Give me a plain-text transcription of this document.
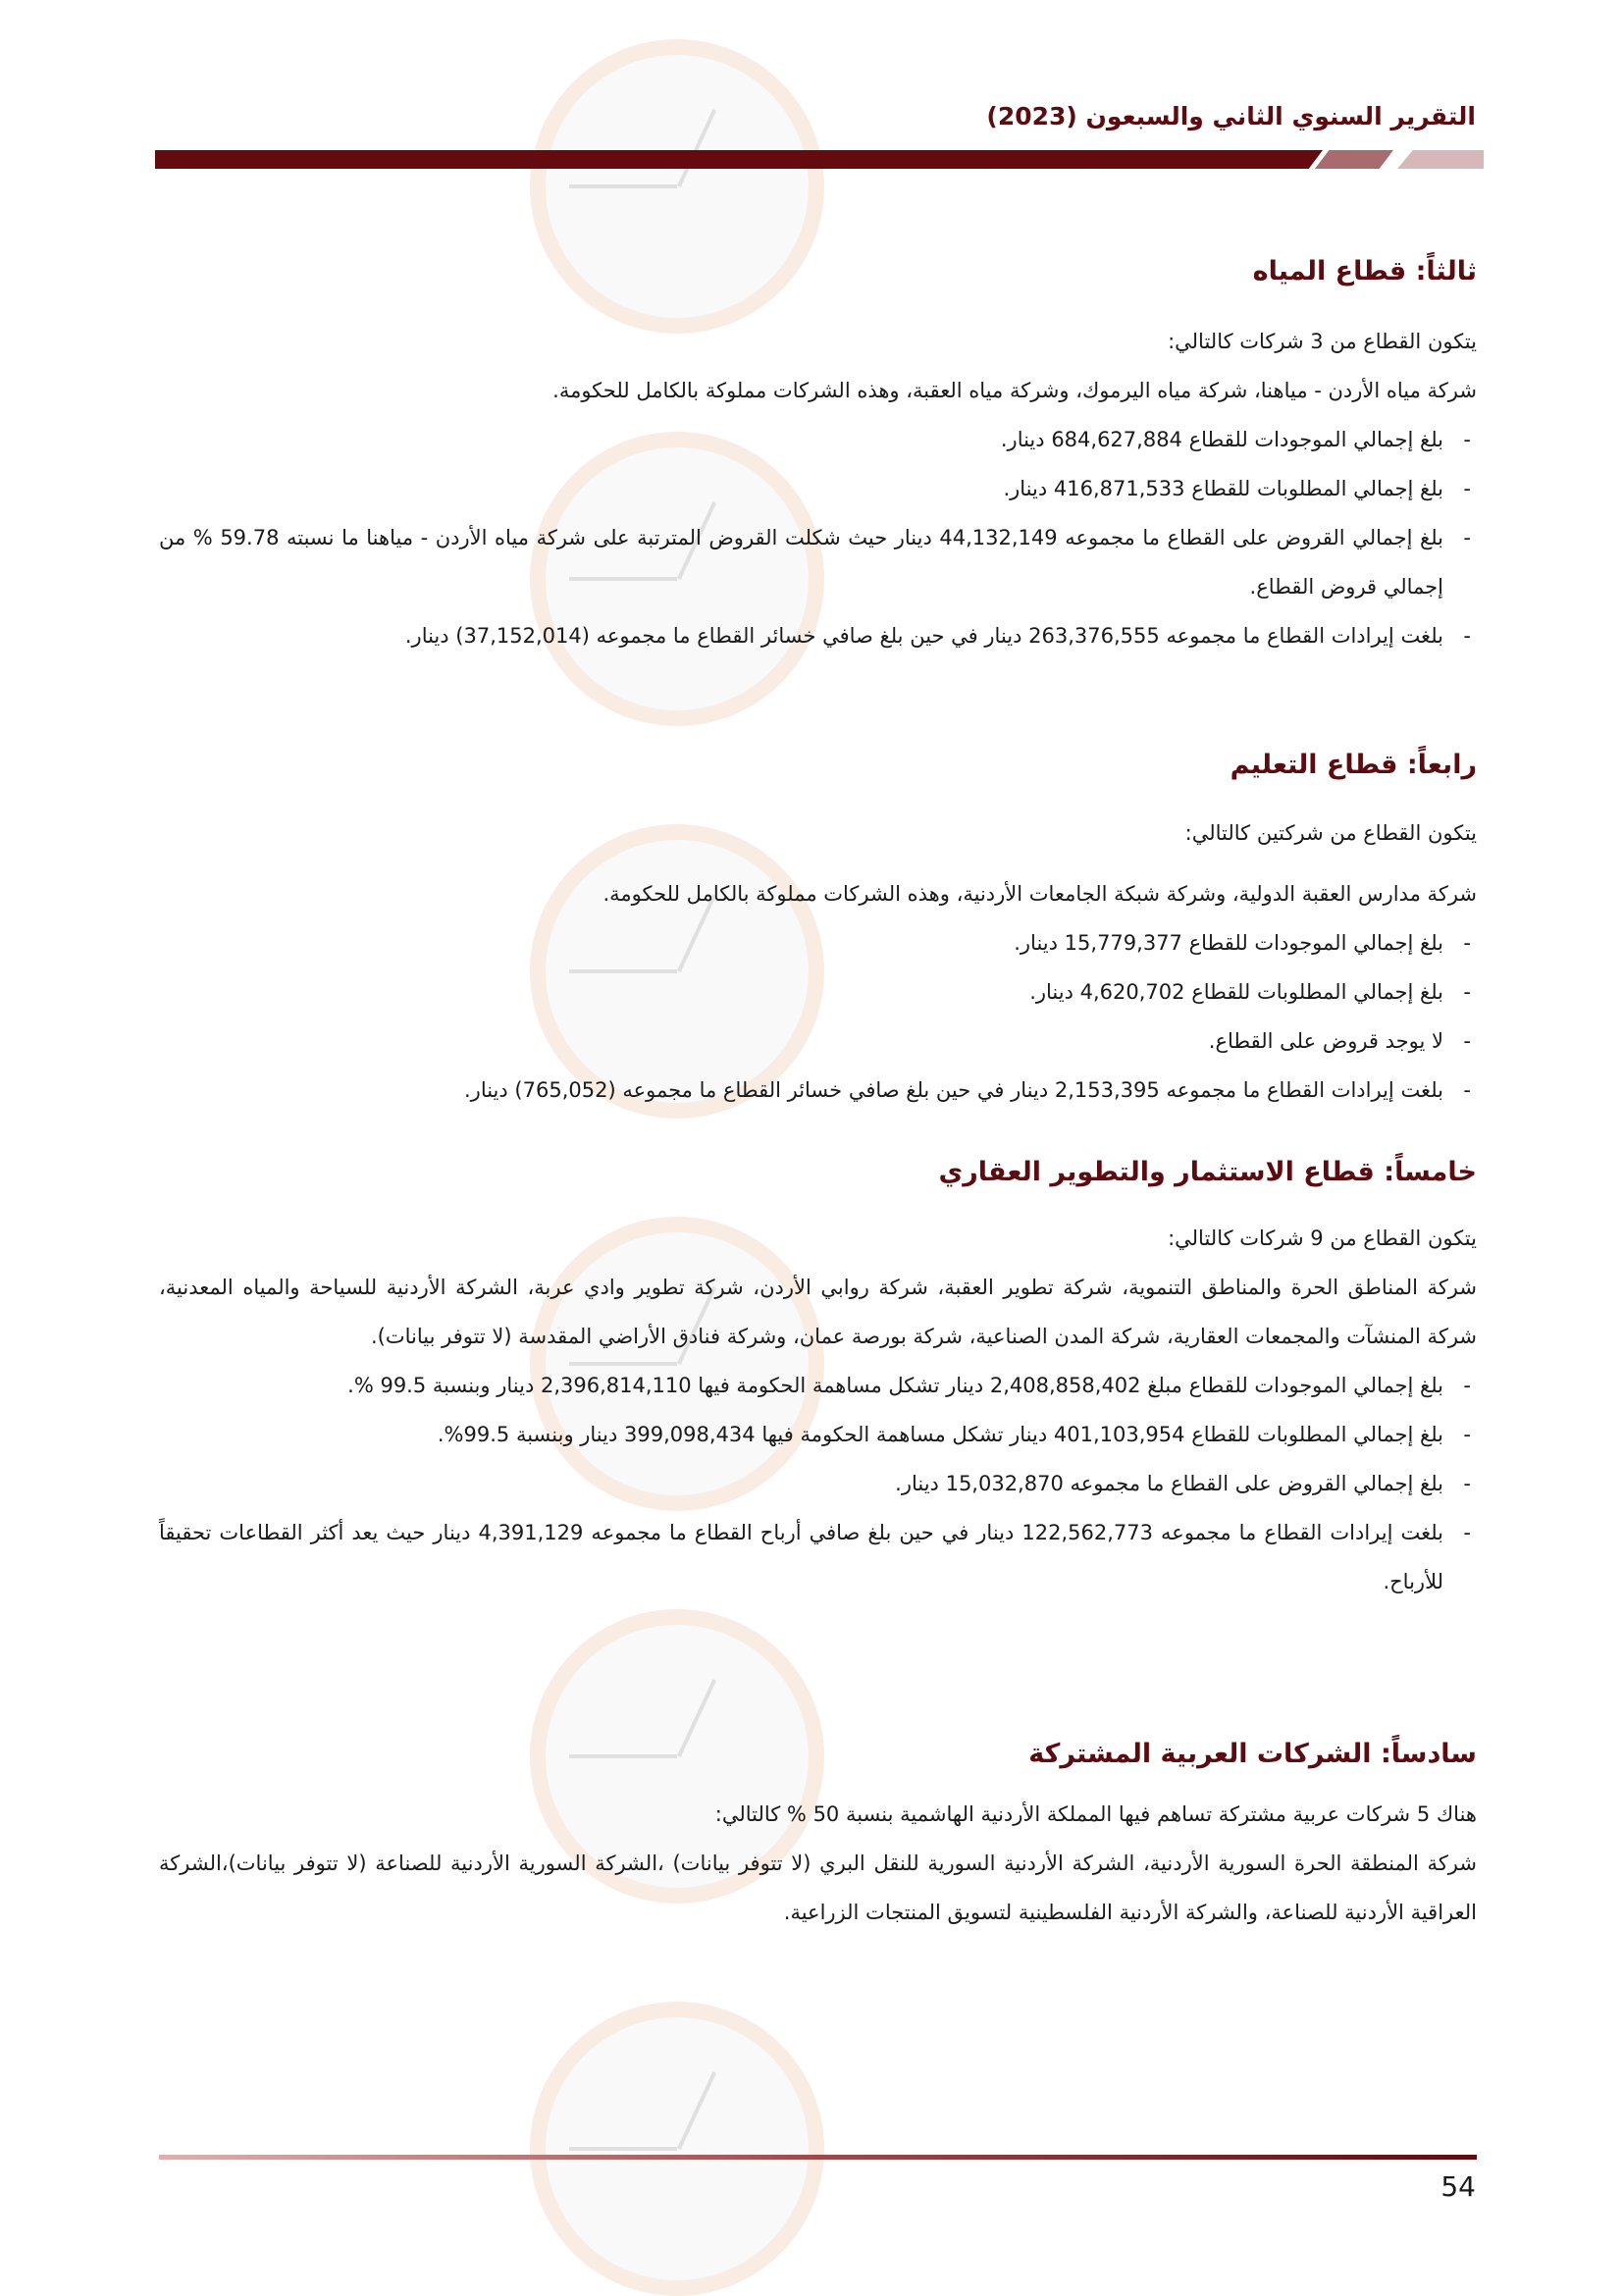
التقرير السنوي الثاني والسبعون (2023)
ثالثاً: قطاع المياه
يتكون القطاع من 3 شركات كالتالي:
شركة مياه الأردن - مياهنا، شركة مياه اليرموك، وشركة مياه العقبة، وهذه الشركات مملوكة بالكامل للحكومة.
-
بلغ إجمالي الموجودات للقطاع 684,627,884 دينار.
-
بلغ إجمالي المطلوبات للقطاع 416,871,533 دينار.
-
بلغ إجمالي القروض على القطاع ما مجموعه 44,132,149 دينار حيث شكلت القروض المترتبة على شركة مياه الأردن - مياهنا ما نسبته 59.78 % من إجمالي قروض القطاع.
-
بلغت إيرادات القطاع ما مجموعه 263,376,555 دينار في حين بلغ صافي خسائر القطاع ما مجموعه (37,152,014) دينار.
رابعاً: قطاع التعليم
يتكون القطاع من شركتين كالتالي:
شركة مدارس العقبة الدولية، وشركة شبكة الجامعات الأردنية، وهذه الشركات مملوكة بالكامل للحكومة.
-
بلغ إجمالي الموجودات للقطاع 15,779,377 دينار.
-
بلغ إجمالي المطلوبات للقطاع 4,620,702 دينار.
-
لا يوجد قروض على القطاع.
-
بلغت إيرادات القطاع ما مجموعه 2,153,395 دينار في حين بلغ صافي خسائر القطاع ما مجموعه (765,052) دينار.
خامساً: قطاع الاستثمار والتطوير العقاري
يتكون القطاع من 9 شركات كالتالي:
شركة المناطق الحرة والمناطق التنموية، شركة تطوير العقبة، شركة روابي الأردن، شركة تطوير وادي عربة، الشركة الأردنية للسياحة والمياه المعدنية، شركة المنشآت والمجمعات العقارية، شركة المدن الصناعية، شركة بورصة عمان، وشركة فنادق الأراضي المقدسة (لا تتوفر بيانات).
-
بلغ إجمالي الموجودات للقطاع مبلغ 2,408,858,402 دينار تشكل مساهمة الحكومة فيها 2,396,814,110 دينار وبنسبة 99.5 %.
-
بلغ إجمالي المطلوبات للقطاع 401,103,954 دينار تشكل مساهمة الحكومة فيها 399,098,434 دينار وبنسبة 99.5%.
-
بلغ إجمالي القروض على القطاع ما مجموعه 15,032,870 دينار.
-
بلغت إيرادات القطاع ما مجموعه 122,562,773 دينار في حين بلغ صافي أرباح القطاع ما مجموعه 4,391,129 دينار حيث يعد أكثر القطاعات تحقيقاً للأرباح.
سادساً: الشركات العربية المشتركة
هناك 5 شركات عربية مشتركة تساهم فيها المملكة الأردنية الهاشمية بنسبة 50 % كالتالي:
شركة المنطقة الحرة السورية الأردنية، الشركة الأردنية السورية للنقل البري (لا تتوفر بيانات) ،الشركة السورية الأردنية للصناعة (لا تتوفر بيانات)،الشركة العراقية الأردنية للصناعة، والشركة الأردنية الفلسطينية لتسويق المنتجات الزراعية.
54
